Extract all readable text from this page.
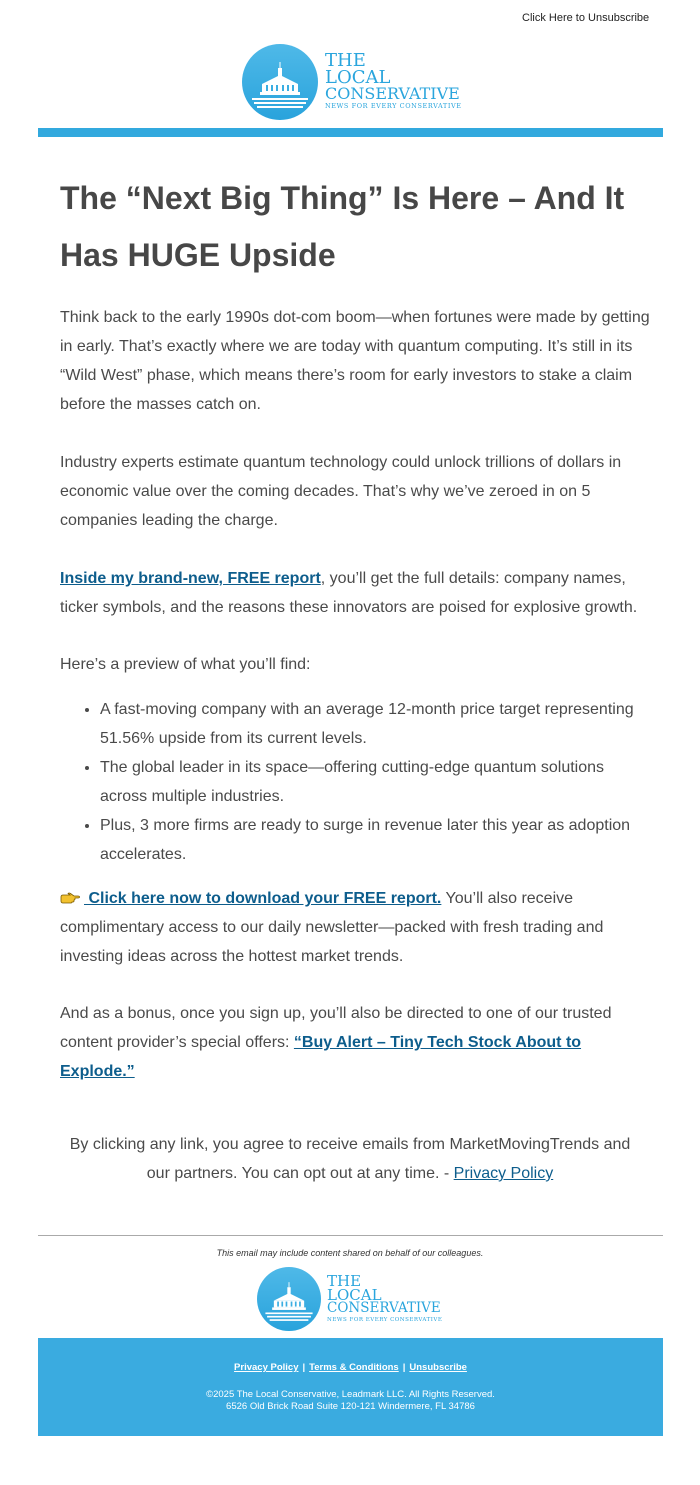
Click Here to Unsubscribe
THE
LOCAL
CONSERVATIVE
NEWS FOR EVERY CONSERVATIVE
The “Next Big Thing” Is Here – And It Has HUGE Upside

Think back to the early 1990s dot-com boom—when fortunes were made by getting in early. That’s exactly where we are today with quantum computing. It’s still in its “Wild West” phase, which means there’s room for early investors to stake a claim before the masses catch on.

Industry experts estimate quantum technology could unlock trillions of dollars in economic value over the coming decades. That’s why we’ve zeroed in on 5 companies leading the charge.

Inside my brand-new, FREE report, you’ll get the full details: company names, ticker symbols, and the reasons these innovators are poised for explosive growth.

Here’s a preview of what you’ll find:

• A fast-moving company with an average 12-month price target representing 51.56% upside from its current levels.
• The global leader in its space—offering cutting-edge quantum solutions across multiple industries.
• Plus, 3 more firms are ready to surge in revenue later this year as adoption accelerates.

Click here now to download your FREE report. You’ll also receive complimentary access to our daily newsletter—packed with fresh trading and investing ideas across the hottest market trends.

And as a bonus, once you sign up, you’ll also be directed to one of our trusted content provider’s special offers: “Buy Alert – Tiny Tech Stock About to Explode.”

By clicking any link, you agree to receive emails from MarketMovingTrends and our partners. You can opt out at any time. - Privacy Policy

This email may include content shared on behalf of our colleagues.
THE
LOCAL
CONSERVATIVE
NEWS FOR EVERY CONSERVATIVE
Privacy Policy | Terms & Conditions | Unsubscribe
©2025 The Local Conservative, Leadmark LLC. All Rights Reserved.
6526 Old Brick Road Suite 120-121 Windermere, FL 34786
